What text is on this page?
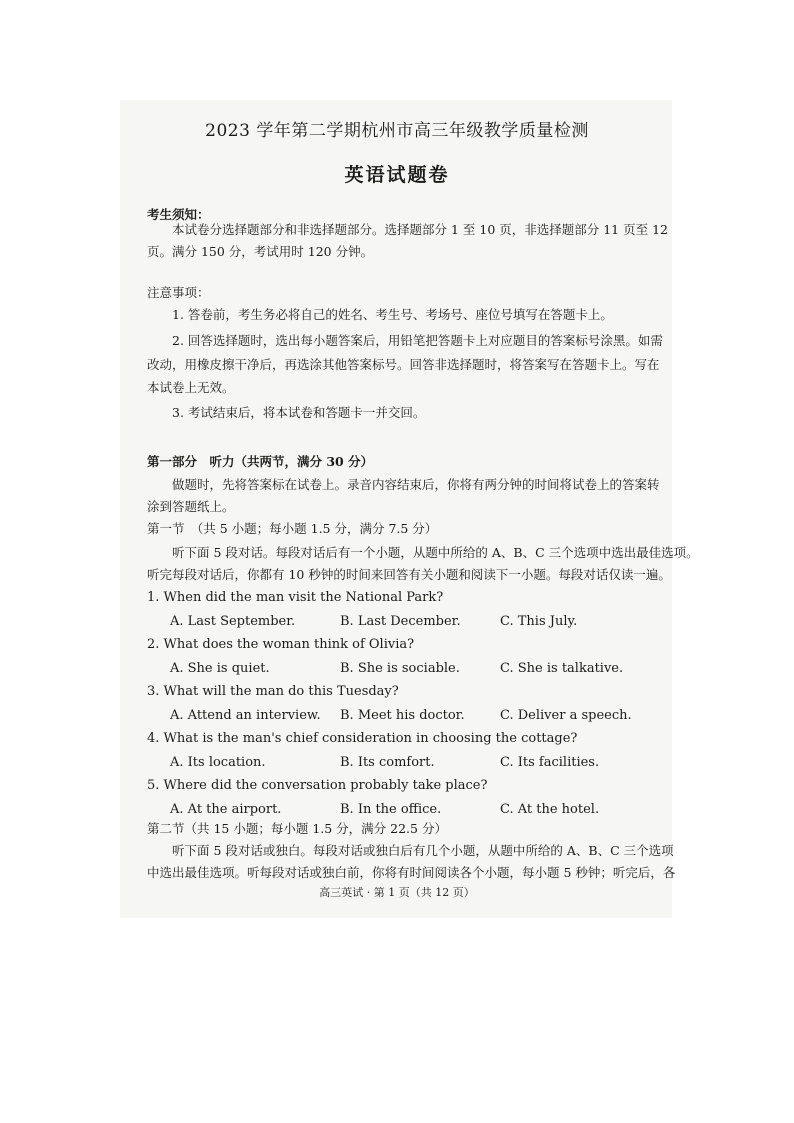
2023 学年第二学期杭州市高三年级教学质量检测
英语试题卷
考生须知：
本试卷分选择题部分和非选择题部分。选择题部分 1 至 10 页，非选择题部分 11 页至 12
页。满分 150 分，考试用时 120 分钟。
注意事项：
1. 答卷前，考生务必将自己的姓名、考生号、考场号、座位号填写在答题卡上。
2. 回答选择题时，选出每小题答案后，用铅笔把答题卡上对应题目的答案标号涂黑。如需
改动，用橡皮擦干净后，再选涂其他答案标号。回答非选择题时，将答案写在答题卡上。写在
本试卷上无效。
3. 考试结束后，将本试卷和答题卡一并交回。
第一部分　听力（共两节，满分 30 分）
做题时，先将答案标在试卷上。录音内容结束后，你将有两分钟的时间将试卷上的答案转
涂到答题纸上。
第一节　（共 5 小题；每小题 1.5 分，满分 7.5 分）
听下面 5 段对话。每段对话后有一个小题，从题中所给的 A、B、C 三个选项中选出最佳选项。
听完每段对话后，你都有 10 秒钟的时间来回答有关小题和阅读下一小题。每段对话仅读一遍。
1. When did the man visit the National Park?
A. Last September.	B. Last December.	C. This July.
2. What does the woman think of Olivia?
A. She is quiet.	B. She is sociable.	C. She is talkative.
3. What will the man do this Tuesday?
A. Attend an interview. B. Meet his doctor.	C. Deliver a speech.
4. What is the man's chief consideration in choosing the cottage?
A. Its location.	B. Its comfort.	C. Its facilities.
5. Where did the conversation probably take place?
A. At the airport.	B. In the office.	C. At the hotel.
第二节（共 15 小题；每小题 1.5 分，满分 22.5 分）
听下面 5 段对话或独白。每段对话或独白后有几个小题，从题中所给的 A、B、C 三个选项
中选出最佳选项。听每段对话或独白前，你将有时间阅读各个小题，每小题 5 秒钟；听完后，各
高三英试 · 第 1 页（共 12 页）
